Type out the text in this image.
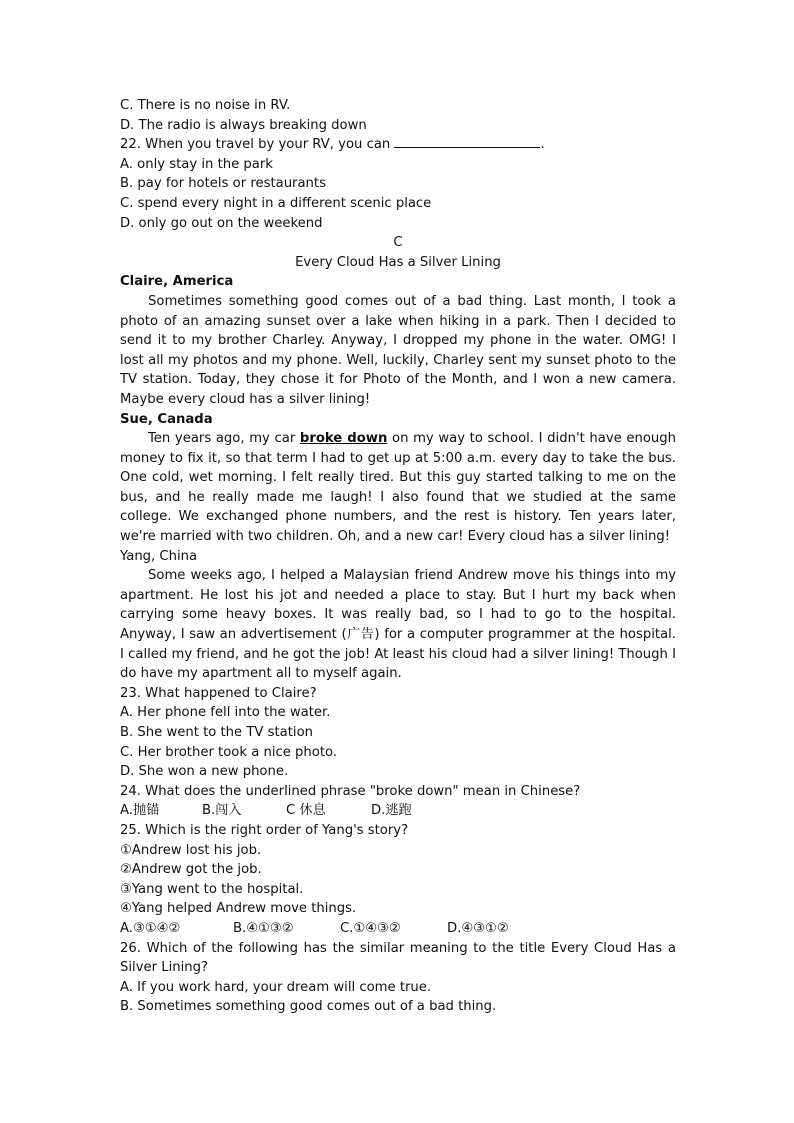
C. There is no noise in RV.
D. The radio is always breaking down
22. When you travel by your RV, you can	.
A. only stay in the park
B. pay for hotels or restaurants
C. spend every night in a different scenic place
D. only go out on the weekend
C
Every Cloud Has a Silver Lining
Claire, America

Sometimes something good comes out of a bad thing. Last month, I took a photo of an amazing sunset over a lake when hiking in a park. Then I decided to send it to my brother Charley. Anyway, I dropped my phone in the water. OMG! I lost all my photos and my phone. Well, luckily, Charley sent my sunset photo to the TV station. Today, they chose it for Photo of the Month, and I won a new camera. Maybe every cloud has a silver lining!

Sue, Canada

Ten years ago, my car broke down on my way to school. I didn't have enough money to fix it, so that term I had to get up at 5:00 a.m. every day to take the bus. One cold, wet morning. I felt really tired. But this guy started talking to me on the bus, and he really made me laugh! I also found that we studied at the same college. We exchanged phone numbers, and the rest is history. Ten years later, we're married with two children. Oh, and a new car! Every cloud has a silver lining!

Yang, China

Some weeks ago, I helped a Malaysian friend Andrew move his things into my apartment. He lost his jot and needed a place to stay. But I hurt my back when carrying some heavy boxes. It was really bad, so I had to go to the hospital. Anyway, I saw an advertisement (广告) for a computer programmer at the hospital. I called my friend, and he got the job! At least his cloud had a silver lining! Though I do have my apartment all to myself again.

23. What happened to Claire?
A. Her phone fell into the water.
B. She went to the TV station
C. Her brother took a nice photo.
D. She won a new phone.
24. What does the underlined phrase "broke down" mean in Chinese?
A.抛锚	B.闯入	C 休息	D.逃跑
25. Which is the right order of Yang's story?
①Andrew lost his job.
②Andrew got the job.
③Yang went to the hospital.
④Yang helped Andrew move things.
A.③①④②	B.④①③②	C.①④③②	D.④③①②

26. Which of the following has the similar meaning to the title Every Cloud Has a Silver Lining?

A. If you work hard, your dream will come true.
B. Sometimes something good comes out of a bad thing.
